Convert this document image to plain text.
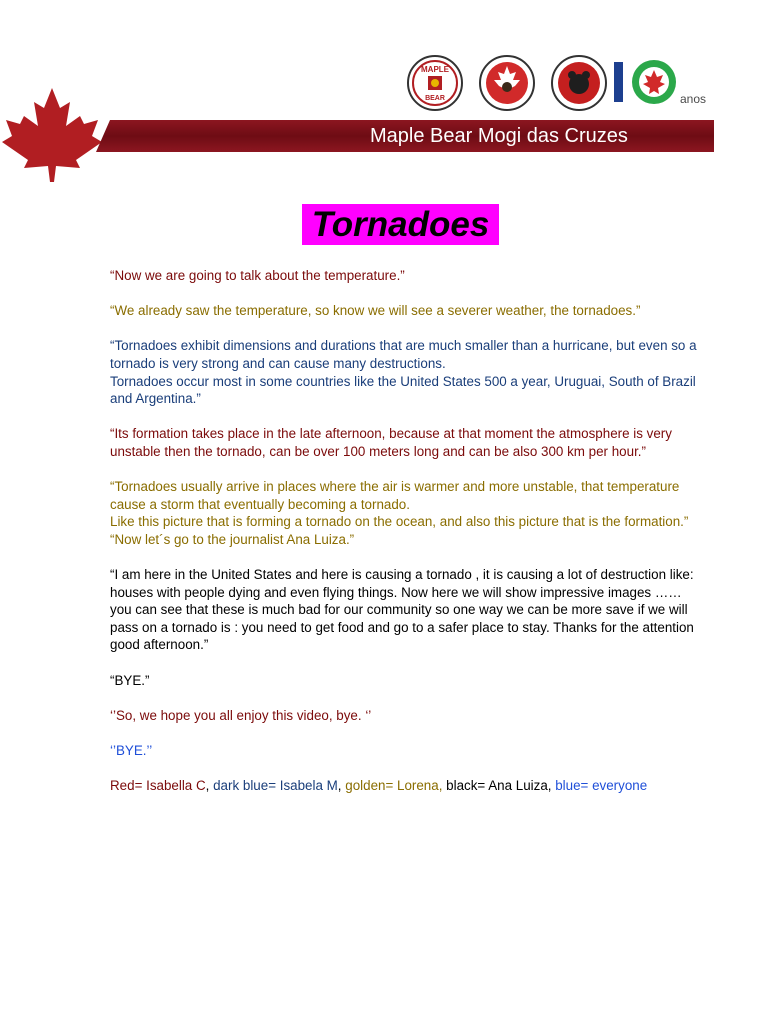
Maple Bear Mogi das Cruzes
MAPLE
BEAR	anos
Tornadoes

“Now we are going to talk about the temperature.”

“We already saw the temperature, so know we will see a severer weather, the tornadoes.”

“Tornadoes exhibit dimensions and durations that are much smaller than a hurricane, but even so a tornado is very strong and can cause many destructions.
Tornadoes occur most in some countries like the United States 500 a year, Uruguai, South of Brazil and Argentina.”

“Its formation takes place in the late afternoon, because at that moment the atmosphere is very unstable then the tornado, can be over 100 meters long and can be also 300 km per hour.”

“Tornadoes usually arrive in places where the air is warmer and more unstable, that temperature cause a storm that eventually becoming a tornado.
Like this picture that is forming a tornado on the ocean, and also this picture that is the formation.”
“Now let´s go to the journalist Ana Luiza.”

“I am here in the United States and here is causing a tornado , it is causing a lot of destruction like: houses with people dying and even flying things. Now here we will show impressive images …… you can see that these is much bad for our community so one way we can be more save if we will pass on a tornado is : you need to get food and go to a safer place to stay. Thanks for the attention good afternoon.”

“BYE.”

‘’So, we hope you all enjoy this video, bye. ‘’

‘’BYE.’’

Red= Isabella C, dark blue= Isabela M, golden= Lorena, black= Ana Luiza, blue= everyone
